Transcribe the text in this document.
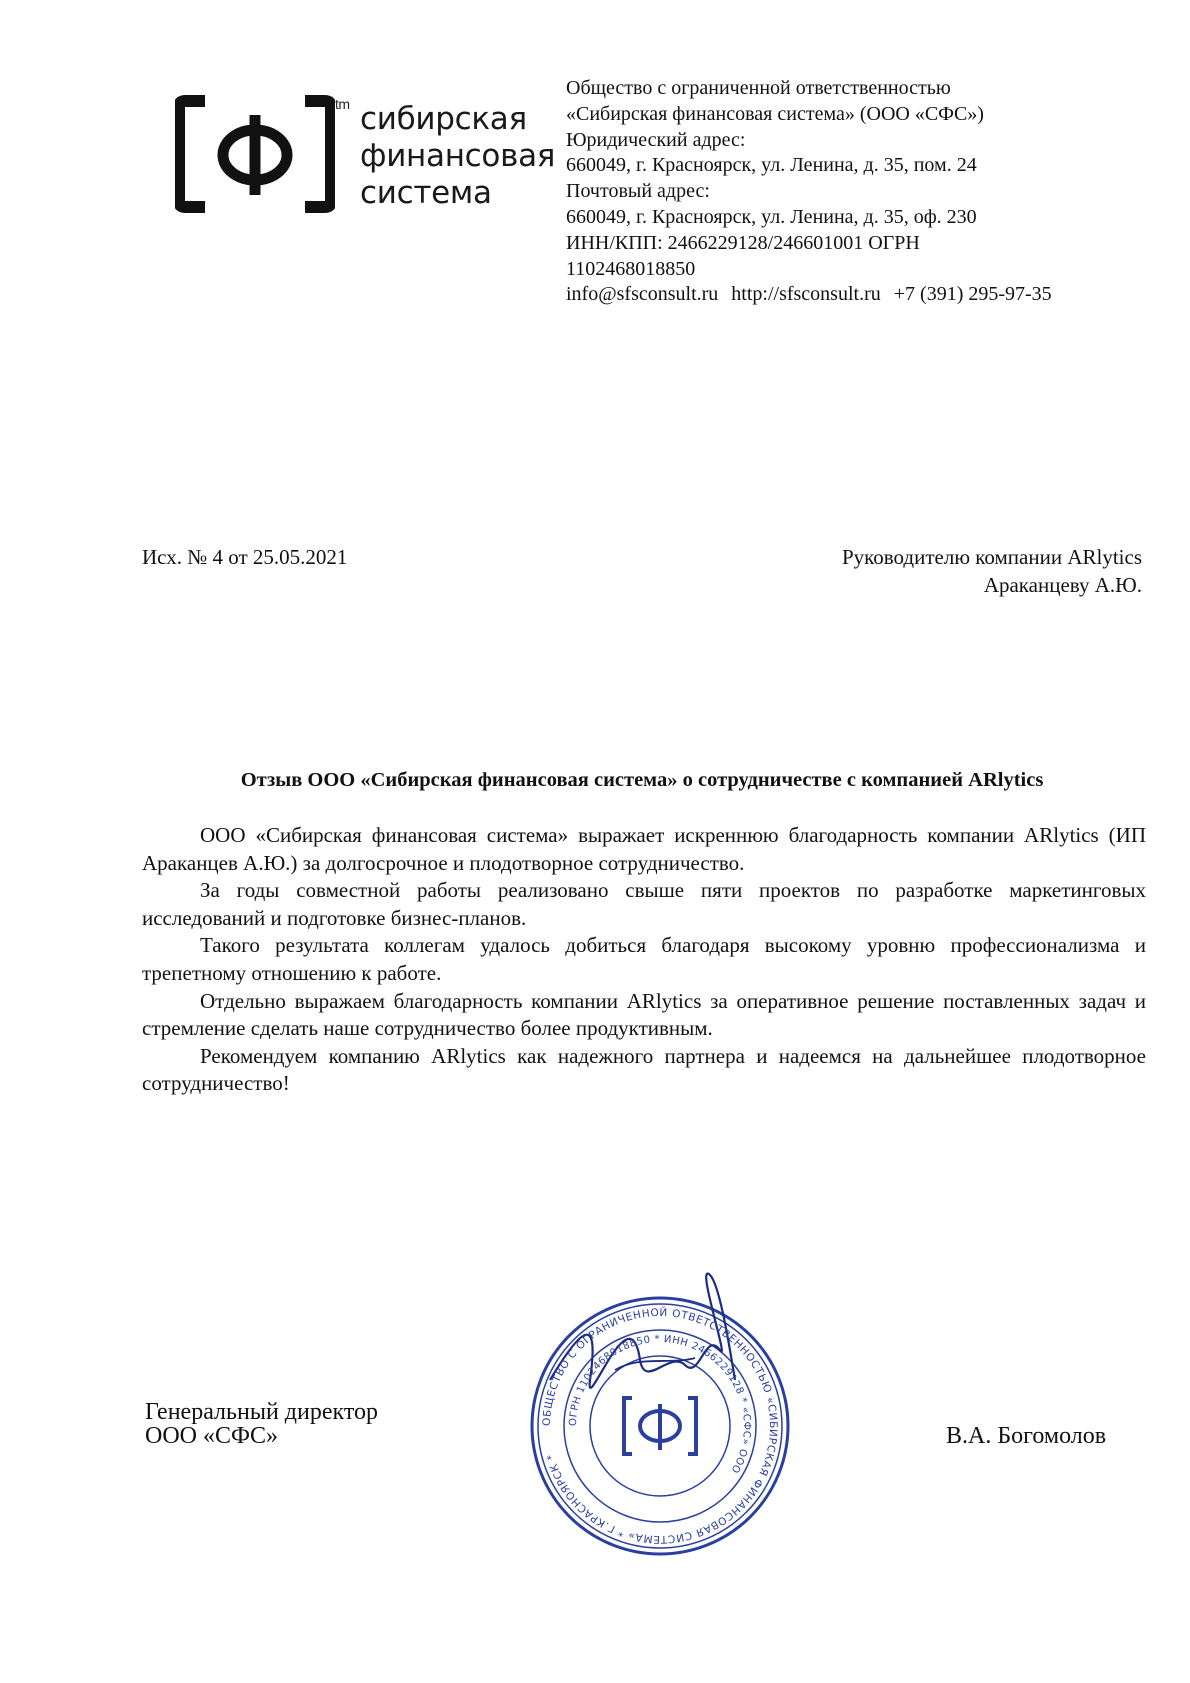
tm сибирская
финансовая
система
Общество с ограниченной ответственностью
«Сибирская финансовая система» (ООО «СФС»)
Юридический адрес:
660049, г. Красноярск, ул. Ленина, д. 35, пом. 24
Почтовый адрес:
660049, г. Красноярск, ул. Ленина, д. 35, оф. 230
ИНН/КПП: 2466229128/246601001 ОГРН
1102468018850
info@sfsconsult.ru http://sfsconsult.ru +7 (391) 295-97-35
Исх. № 4 от 25.05.2021	Руководителю компании ARlytics
Араканцеву А.Ю.
Отзыв ООО «Сибирская финансовая система» о сотрудничестве с компанией ARlytics

ООО «Сибирская финансовая система» выражает искреннюю благодарность компании ARlytics (ИП Араканцев А.Ю.) за долгосрочное и плодотворное сотрудничество.

За годы совместной работы реализовано свыше пяти проектов по разработке маркетинговых исследований и подготовке бизнес-планов.

Такого результата коллегам удалось добиться благодаря высокому уровню профессионализма и трепетному отношению к работе.

Отдельно выражаем благодарность компании ARlytics за оперативное решение поставленных задач и стремление сделать наше сотрудничество более продуктивным.

Рекомендуем компанию ARlytics как надежного партнера и надеемся на дальнейшее плодотворное сотрудничество!

Генеральный директор
ООО «СФС»
ОБЩЕСТВО С ОГРАНИЧЕННОЙ ОТВЕТСТВЕННОСТЬЮ «СИБИРСКАЯ ФИНАНСОВАЯ СИСТЕМА» * Г.КРАСНОЯРСК *
ОГРН 1102468018850 * ИНН 2466229128 * «СФС» ООО
В.А. Богомолов
